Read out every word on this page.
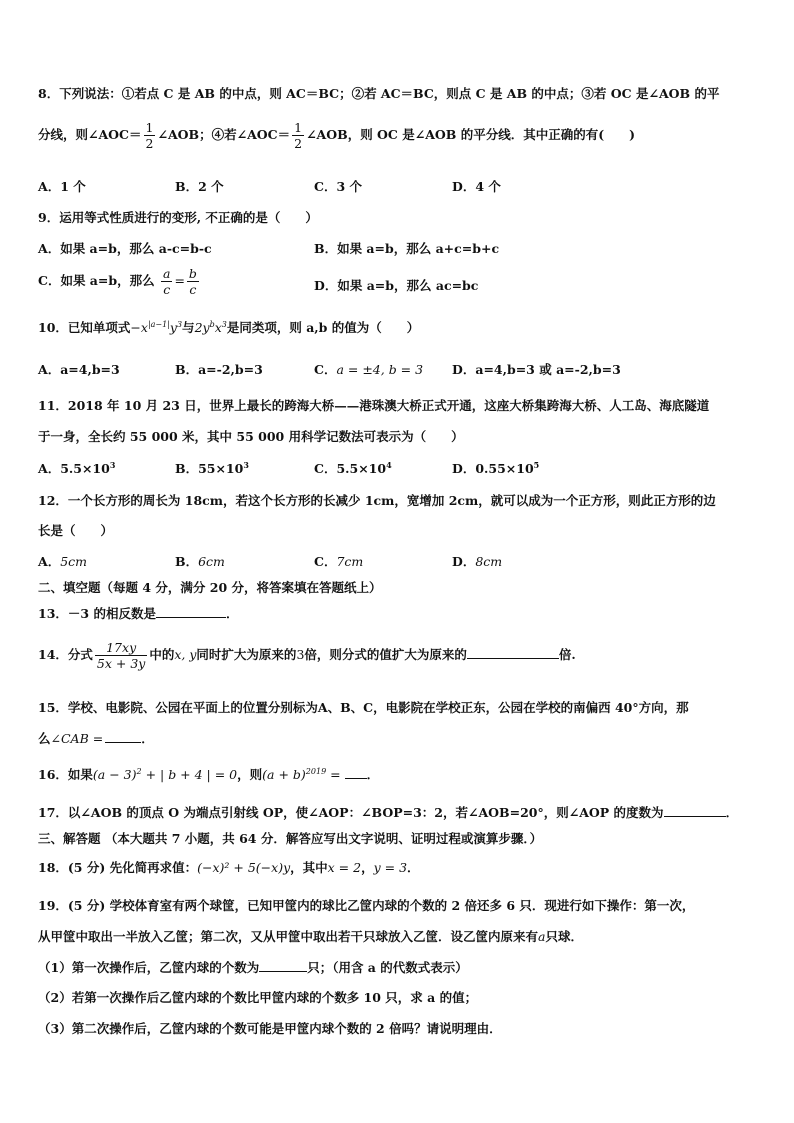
8．下列说法：①若点 C 是 AB 的中点，则 AC＝BC；②若 AC＝BC，则点 C 是 AB 的中点；③若 OC 是∠AOB 的平
分线，则∠AOC＝ $\frac{1}{2}$ ∠AOB；④若∠AOC＝ $\frac{1}{2}$ ∠AOB，则 OC 是∠AOB 的平分线．其中正确的有(　　)
A．1 个	B．2 个	C．3 个	D．4 个
9．运用等式性质进行的变形, 不正确的是（　　）
A．如果 a=b，那么 a-c=b-c	B．如果 a=b，那么 a+c=b+c
C．如果 a=b，那么 $\frac{a}{c} = \frac{b}{c}$	D．如果 a=b，那么 ac=bc
10．已知单项式$-x^{|a-1|}y^3$与$2y^bx^3$是同类项，则 a,b 的值为（　　）
A．a=4,b=3	B．a=-2,b=3	C．a = ±4, b = 3 D．a=4,b=3 或 a=-2,b=3
11．2018 年 10 月 23 日，世界上最长的跨海大桥——港珠澳大桥正式开通，这座大桥集跨海大桥、人工岛、海底隧道
于一身，全长约 55 000 米，其中 55 000 用科学记数法可表示为（　　）
A．$5.5\times 10^3$	B．$55\times 10^3$	C．$5.5\times 10^4$	D．$0.55\times 10^5$
12．一个长方形的周长为 18cm，若这个长方形的长减少 1cm，宽增加 2cm，就可以成为一个正方形，则此正方形的边
长是（　　）
A．5cm	B．6cm	C．7cm	D．8cm
二、填空题（每题 4 分，满分 20 分，将答案填在答题纸上）
13．－3 的相反数是	．
14．分式 $\frac{17xy}{5x + 3y}$ 中的x, y同时扩大为原来的3倍，则分式的值扩大为原来的	倍.
15．学校、电影院、公园在平面上的位置分别标为A、B、C，电影院在学校正东，公园在学校的南偏西 40°方向，那
么∠CAB =	．
16．如果$(a - 3)^2$ + | b + 4 | = 0，则$(a + b)^{2019}$ = ．
17．以∠AOB 的顶点 O 为端点引射线 OP，使∠AOP：∠BOP=3：2，若∠AOB=20°，则∠AOP 的度数为	．
三、解答题 （本大题共 7 小题，共 64 分．解答应写出文字说明、证明过程或演算步骤．）
18．(5 分) 先化简再求值：(−x)² + 5(−x)y，其中x = 2，y = 3．
19．(5 分) 学校体育室有两个球筐，已知甲筐内的球比乙筐内球的个数的 2 倍还多 6 只．现进行如下操作：第一次，
从甲筐中取出一半放入乙筐；第二次，又从甲筐中取出若干只球放入乙筐．设乙筐内原来有a只球．
（1）第一次操作后，乙筐内球的个数为	只；（用含 a 的代数式表示）
（2）若第一次操作后乙筐内球的个数比甲筐内球的个数多 10 只，求 a 的值；
（3）第二次操作后，乙筐内球的个数可能是甲筐内球个数的 2 倍吗？请说明理由．
